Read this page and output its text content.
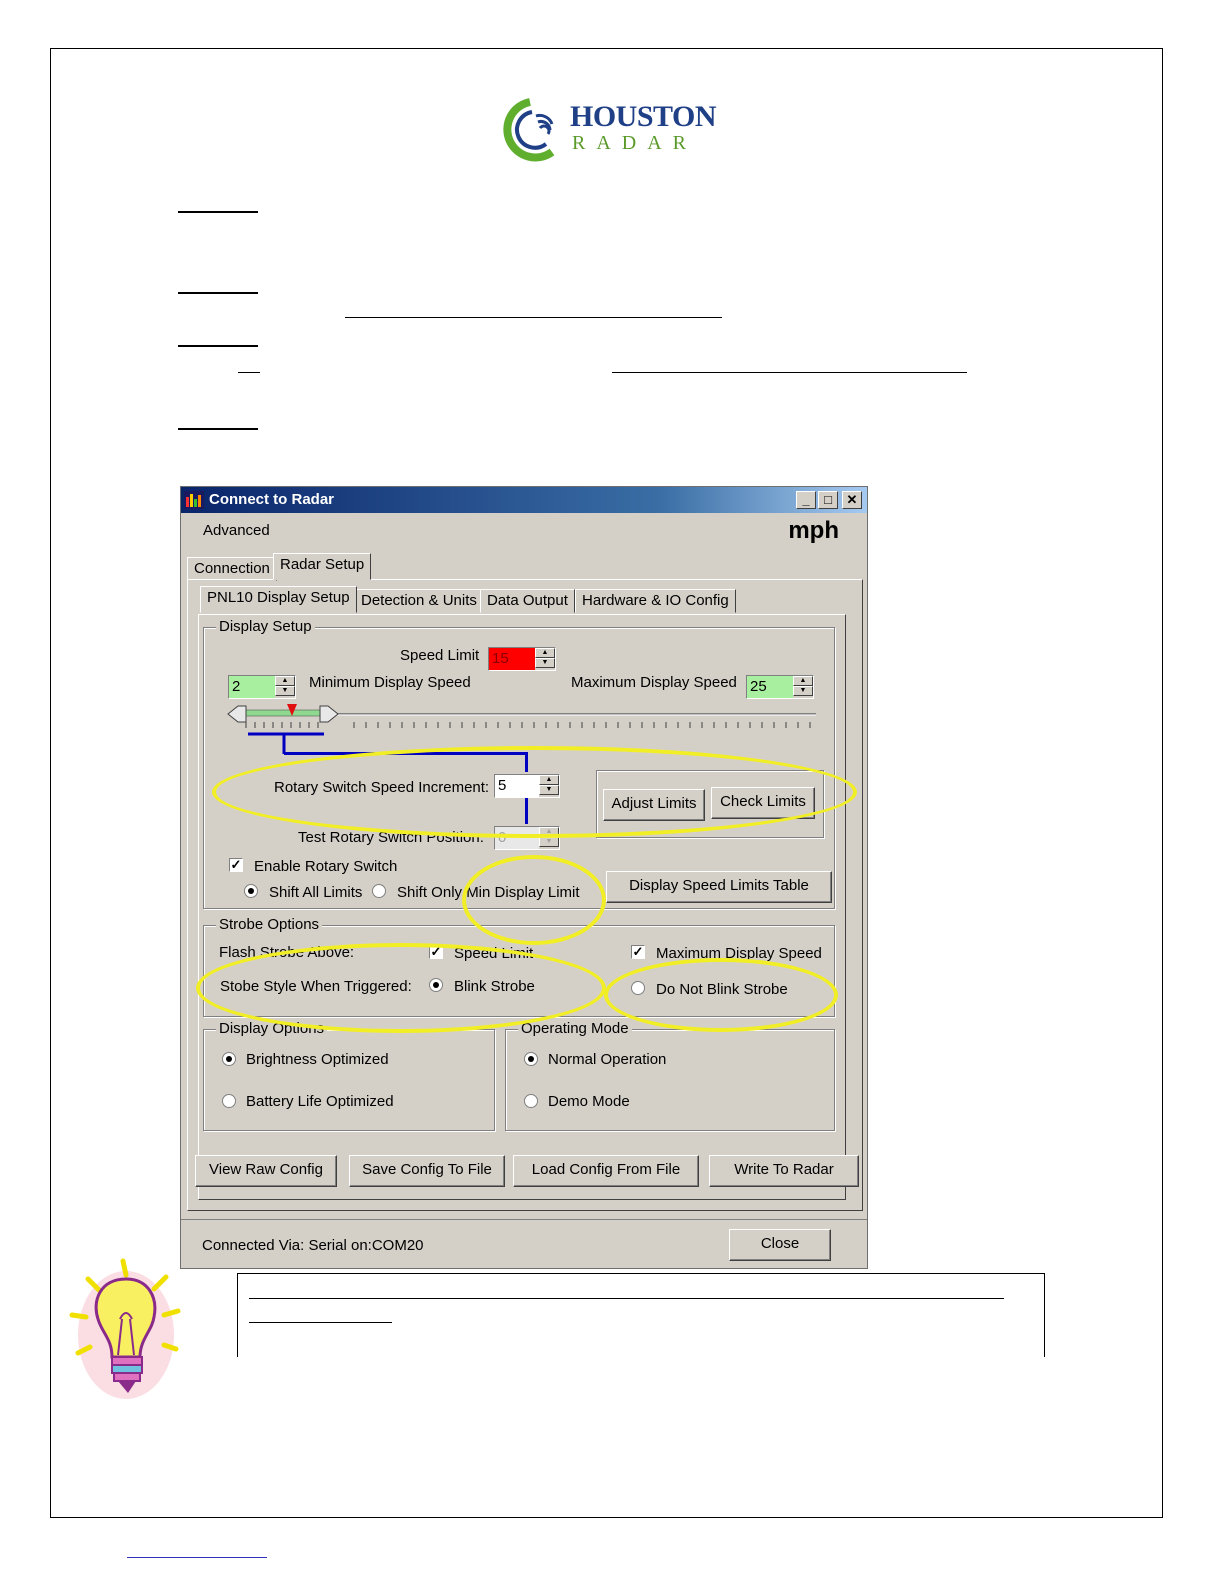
HOUSTON
RADAR
Connect to Radar	_	□	✕
Advanced	mph
Connection Radar Setup
PNL10 Display Setup Detection & Units Data Output Hardware & IO Config
Display Setup
Speed Limit 15	▲
▼
2	▲
▼	Minimum Display Speed	Maximum Display Speed 25	▲
▼
Rotary Switch Speed Increment: 5	▲
▼
Adjust Limits	Check Limits
Test Rotary Switch Position: 0	▲
▼
✓ Enable Rotary Switch
Shift All Limits Shift Only Min Display Limit	Display Speed Limits Table
Strobe Options
Flash Strobe Above:	✓ Speed Limit	✓ Maximum Display Speed
Stobe Style When Triggered:	Blink Strobe	Do Not Blink Strobe
Display Options
Brightness Optimized
Battery Life Optimized
Operating Mode
Normal Operation
Demo Mode
View Raw Config	Save Config To File	Load Config From File	Write To Radar
Connected Via: Serial on:COM20	Close
